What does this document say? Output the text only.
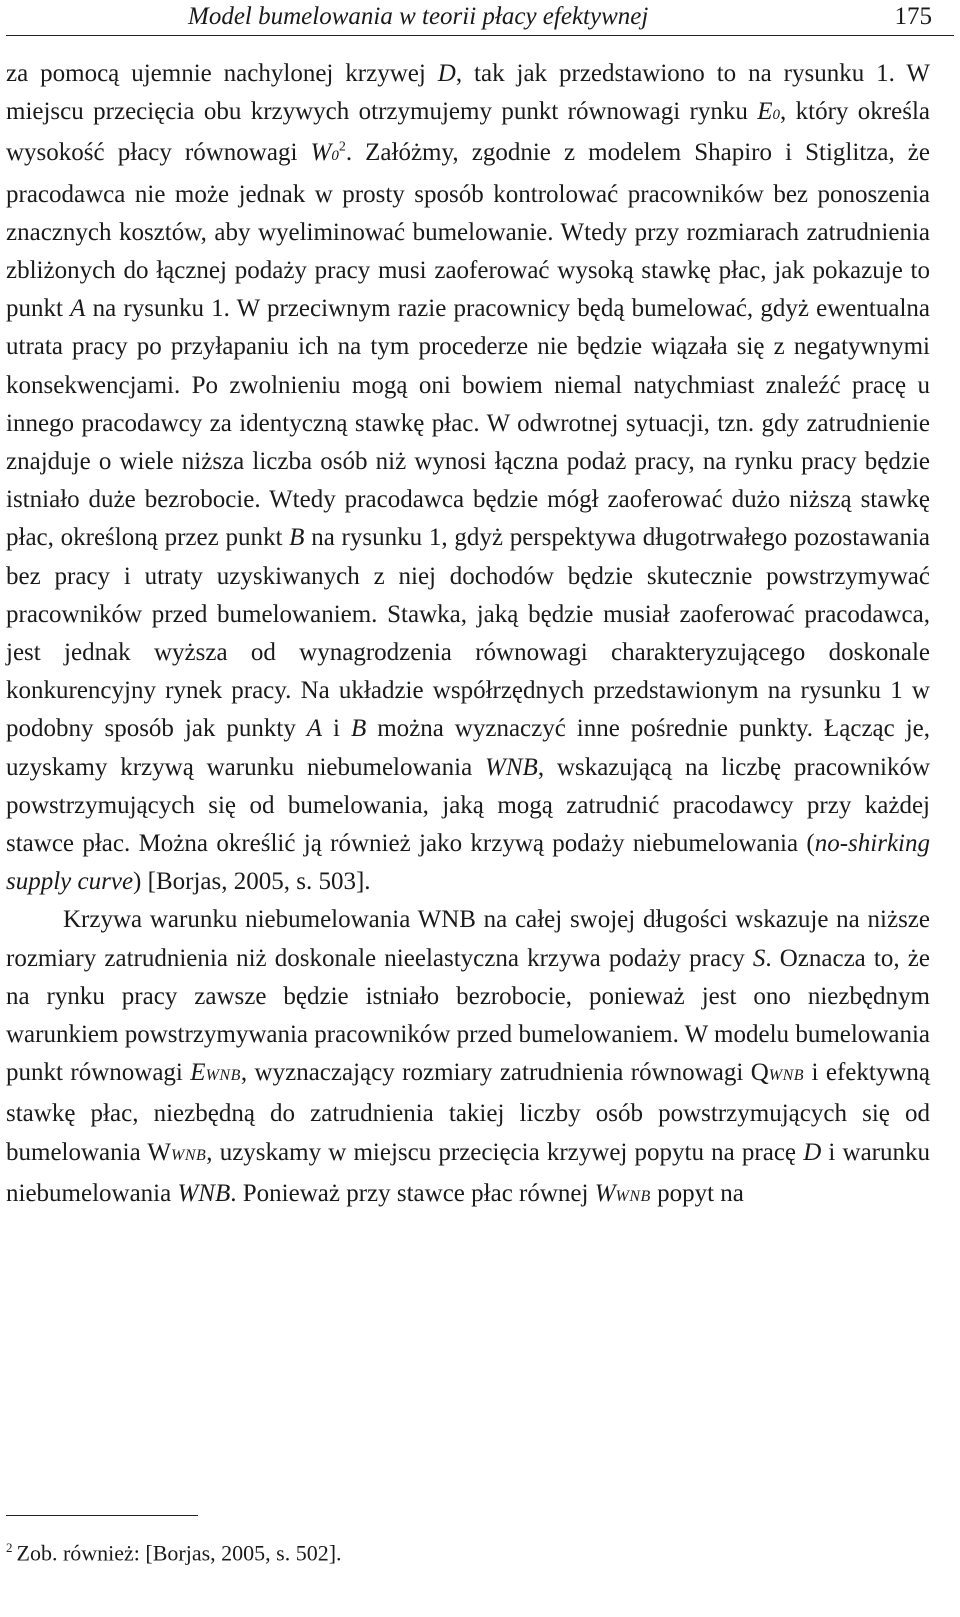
Model bumelowania w teorii płacy efektywnej	175

za pomocą ujemnie nachylonej krzywej D, tak jak przedstawiono to na rysunku 1. W miejscu przecięcia obu krzywych otrzymujemy punkt równowagi rynku E0, który określa wysokość płacy równowagi W0$^2$. Załóżmy, zgodnie z modelem Shapiro i Stiglitza, że pracodawca nie może jednak w prosty sposób kontrolować pracowników bez ponoszenia znacznych kosztów, aby wyeliminować bumelowanie. Wtedy przy rozmiarach zatrudnienia zbliżonych do łącznej podaży pracy musi zaoferować wysoką stawkę płac, jak pokazuje to punkt A na rysunku 1. W przeciwnym razie pracownicy będą bumelować, gdyż ewentualna utrata pracy po przyłapaniu ich na tym procederze nie będzie wiązała się z negatywnymi konsekwencjami. Po zwolnieniu mogą oni bowiem niemal natychmiast znaleźć pracę u innego pracodawcy za identyczną stawkę płac. W odwrotnej sytuacji, tzn. gdy zatrudnienie znajduje o wiele niższa liczba osób niż wynosi łączna podaż pracy, na rynku pracy będzie istniało duże bezrobocie. Wtedy pracodawca będzie mógł zaoferować dużo niższą stawkę płac, określoną przez punkt B na rysunku 1, gdyż perspektywa długotrwałego pozostawania bez pracy i utraty uzyskiwanych z niej dochodów będzie skutecznie powstrzymywać pracowników przed bumelowaniem. Stawka, jaką będzie musiał zaoferować pracodawca, jest jednak wyższa od wynagrodzenia równowagi charakteryzującego doskonale konkurencyjny rynek pracy. Na układzie współrzędnych przedstawionym na rysunku 1 w podobny sposób jak punkty A i B można wyznaczyć inne pośrednie punkty. Łącząc je, uzyskamy krzywą warunku niebumelowania WNB, wskazującą na liczbę pracowników powstrzymujących się od bumelowania, jaką mogą zatrudnić pracodawcy przy każdej stawce płac. Można określić ją również jako krzywą podaży niebumelowania (no-shirking supply curve) [Borjas, 2005, s. 503].

Krzywa warunku niebumelowania WNB na całej swojej długości wskazuje na niższe rozmiary zatrudnienia niż doskonale nieelastyczna krzywa podaży pracy S. Oznacza to, że na rynku pracy zawsze będzie istniało bezrobocie, ponieważ jest ono niezbędnym warunkiem powstrzymywania pracowników przed bumelowaniem. W modelu bumelowania punkt równowagi EWNB, wyznaczający rozmiary zatrudnienia równowagi QWNB i efektywną stawkę płac, niezbędną do zatrudnienia takiej liczby osób powstrzymujących się od bumelowania WWNB, uzyskamy w miejscu przecięcia krzywej popytu na pracę D i warunku niebumelowania WNB. Ponieważ przy stawce płac równej WWNB popyt na

$^2$ Zob. również: [Borjas, 2005, s. 502].
